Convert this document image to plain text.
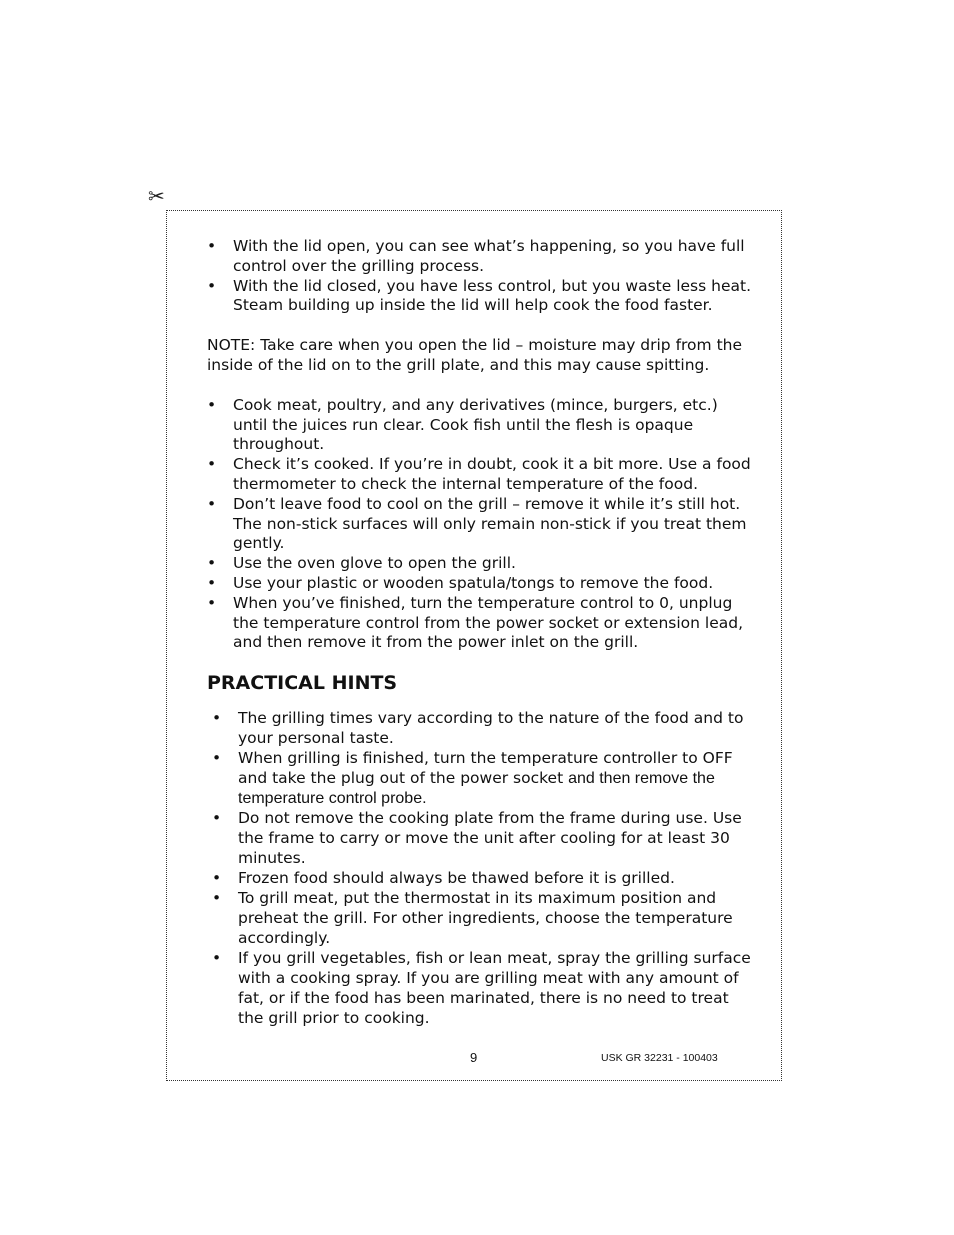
✂
• With the lid open, you can see what’s happening, so you have full control over the grilling process.
• With the lid closed, you have less control, but you waste less heat. Steam building up inside the lid will help cook the food faster.

NOTE: Take care when you open the lid – moisture may drip from the inside of the lid on to the grill plate, and this may cause spitting.

• Cook meat, poultry, and any derivatives (mince, burgers, etc.) until the juices run clear. Cook fish until the flesh is opaque throughout.
• Check it’s cooked. If you’re in doubt, cook it a bit more. Use a food thermometer to check the internal temperature of the food.
• Don’t leave food to cool on the grill – remove it while it’s still hot. The non-stick surfaces will only remain non-stick if you treat them gently.
• Use the oven glove to open the grill.
• Use your plastic or wooden spatula/tongs to remove the food.
• When you’ve finished, turn the temperature control to 0, unplug the temperature control from the power socket or extension lead, and then remove it from the power inlet on the grill.
PRACTICAL HINTS
• The grilling times vary according to the nature of the food and to your personal taste.
• When grilling is finished, turn the temperature controller to OFF and take the plug out of the power socket and then remove the temperature control probe.
• Do not remove the cooking plate from the frame during use. Use the frame to carry or move the unit after cooling for at least 30 minutes.
• Frozen food should always be thawed before it is grilled.
• To grill meat, put the thermostat in its maximum position and preheat the grill. For other ingredients, choose the temperature accordingly.
• If you grill vegetables, fish or lean meat, spray the grilling surface with a cooking spray. If you are grilling meat with any amount of fat, or if the food has been marinated, there is no need to treat the grill prior to cooking.
9	USK GR 32231 - 100403
